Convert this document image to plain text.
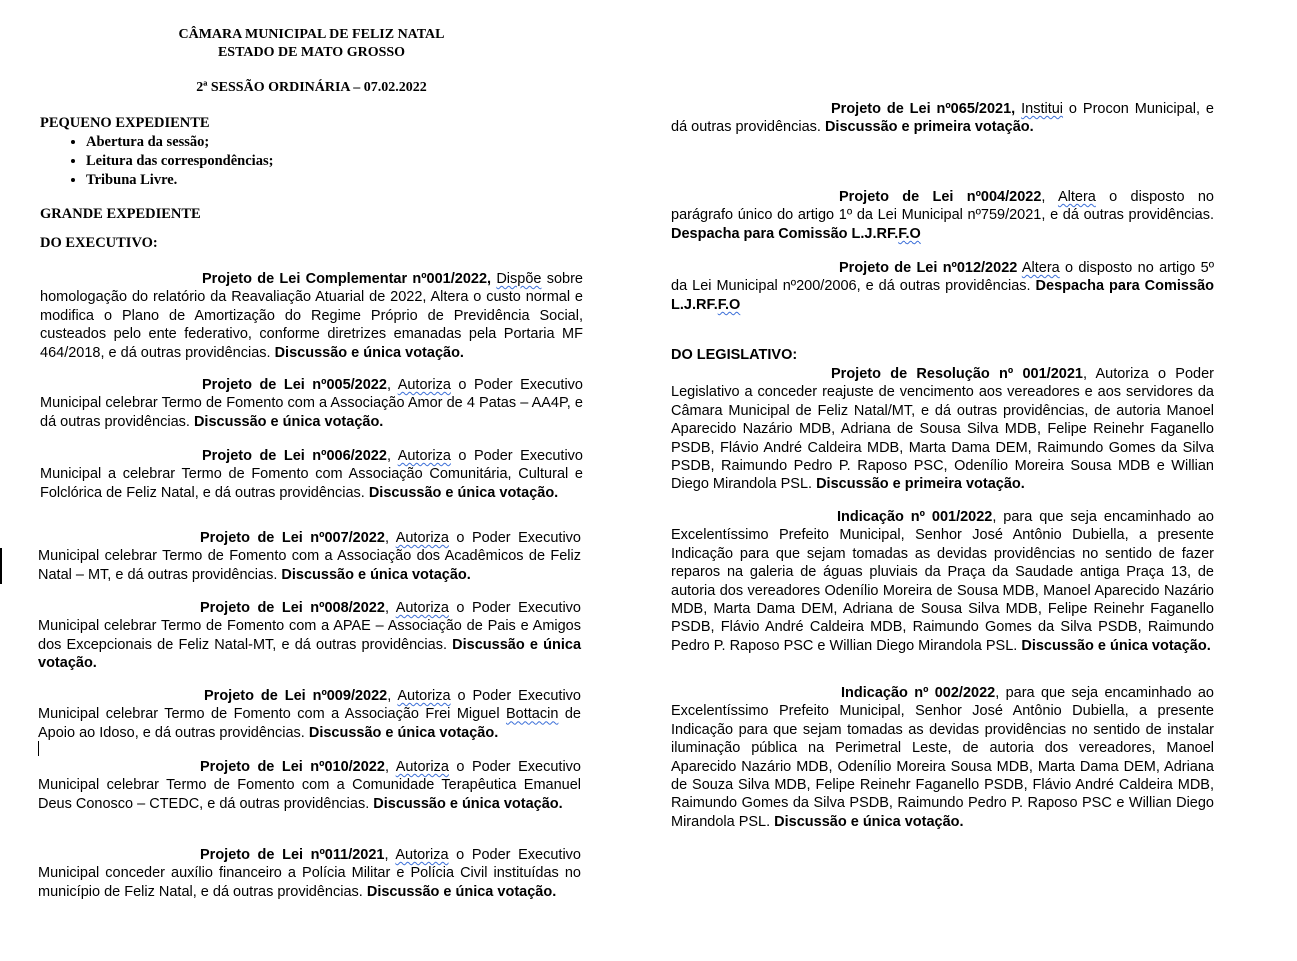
CÂMARA MUNICIPAL DE FELIZ NATAL
ESTADO DE MATO GROSSO
2ª SESSÃO ORDINÁRIA – 07.02.2022
PEQUENO EXPEDIENTE
• Abertura da sessão;
• Leitura das correspondências;
• Tribuna Livre.
GRANDE EXPEDIENTE
DO EXECUTIVO:
Projeto de Lei Complementar nº001/2022, Dispõe sobre homologação do relatório da Reavaliação Atuarial de 2022, Altera o custo normal e modifica o Plano de Amortização do Regime Próprio de Previdência Social, custeados pelo ente federativo, conforme diretrizes emanadas pela Portaria MF 464/2018, e dá outras providências. Discussão e única votação.
Projeto de Lei nº005/2022, Autoriza o Poder Executivo Municipal celebrar Termo de Fomento com a Associação Amor de 4 Patas – AA4P, e dá outras providências. Discussão e única votação.
Projeto de Lei nº006/2022, Autoriza o Poder Executivo Municipal a celebrar Termo de Fomento com Associação Comunitária, Cultural e Folclórica de Feliz Natal, e dá outras providências. Discussão e única votação.
Projeto de Lei nº007/2022, Autoriza o Poder Executivo Municipal celebrar Termo de Fomento com a Associação dos Acadêmicos de Feliz Natal – MT, e dá outras providências. Discussão e única votação.
Projeto de Lei nº008/2022, Autoriza o Poder Executivo Municipal celebrar Termo de Fomento com a APAE – Associação de Pais e Amigos dos Excepcionais de Feliz Natal-MT, e dá outras providências. Discussão e única votação.
Projeto de Lei nº009/2022, Autoriza o Poder Executivo Municipal celebrar Termo de Fomento com a Associação Frei Miguel Bottacin de Apoio ao Idoso, e dá outras providências. Discussão e única votação.
Projeto de Lei nº010/2022, Autoriza o Poder Executivo Municipal celebrar Termo de Fomento com a Comunidade Terapêutica Emanuel Deus Conosco – CTEDC, e dá outras providências. Discussão e única votação.
Projeto de Lei nº011/2021, Autoriza o Poder Executivo Municipal conceder auxílio financeiro a Polícia Militar e Polícia Civil instituídas no município de Feliz Natal, e dá outras providências. Discussão e única votação.
Projeto de Lei nº065/2021, Institui o Procon Municipal, e dá outras providências. Discussão e primeira votação.
Projeto de Lei nº004/2022, Altera o disposto no parágrafo único do artigo 1º da Lei Municipal nº759/2021, e dá outras providências. Despacha para Comissão L.J.RF.F.O
Projeto de Lei nº012/2022 Altera o disposto no artigo 5º da Lei Municipal nº200/2006, e dá outras providências. Despacha para Comissão L.J.RF.F.O
DO LEGISLATIVO:
Projeto de Resolução nº 001/2021, Autoriza o Poder Legislativo a conceder reajuste de vencimento aos vereadores e aos servidores da Câmara Municipal de Feliz Natal/MT, e dá outras providências, de autoria Manoel Aparecido Nazário MDB, Adriana de Sousa Silva MDB, Felipe Reinehr Faganello PSDB, Flávio André Caldeira MDB, Marta Dama DEM, Raimundo Gomes da Silva PSDB, Raimundo Pedro P. Raposo PSC, Odenílio Moreira Sousa MDB e Willian Diego Mirandola PSL. Discussão e primeira votação.
Indicação nº 001/2022, para que seja encaminhado ao Excelentíssimo Prefeito Municipal, Senhor José Antônio Dubiella, a presente Indicação para que sejam tomadas as devidas providências no sentido de fazer reparos na galeria de águas pluviais da Praça da Saudade antiga Praça 13, de autoria dos vereadores Odenílio Moreira de Sousa MDB, Manoel Aparecido Nazário MDB, Marta Dama DEM, Adriana de Sousa Silva MDB, Felipe Reinehr Faganello PSDB, Flávio André Caldeira MDB, Raimundo Gomes da Silva PSDB, Raimundo Pedro P. Raposo PSC e Willian Diego Mirandola PSL. Discussão e única votação.
Indicação nº 002/2022, para que seja encaminhado ao Excelentíssimo Prefeito Municipal, Senhor José Antônio Dubiella, a presente Indicação para que sejam tomadas as devidas providências no sentido de instalar iluminação pública na Perimetral Leste, de autoria dos vereadores, Manoel Aparecido Nazário MDB, Odenílio Moreira Sousa MDB, Marta Dama DEM, Adriana de Souza Silva MDB, Felipe Reinehr Faganello PSDB, Flávio André Caldeira MDB, Raimundo Gomes da Silva PSDB, Raimundo Pedro P. Raposo PSC e Willian Diego Mirandola PSL. Discussão e única votação.
